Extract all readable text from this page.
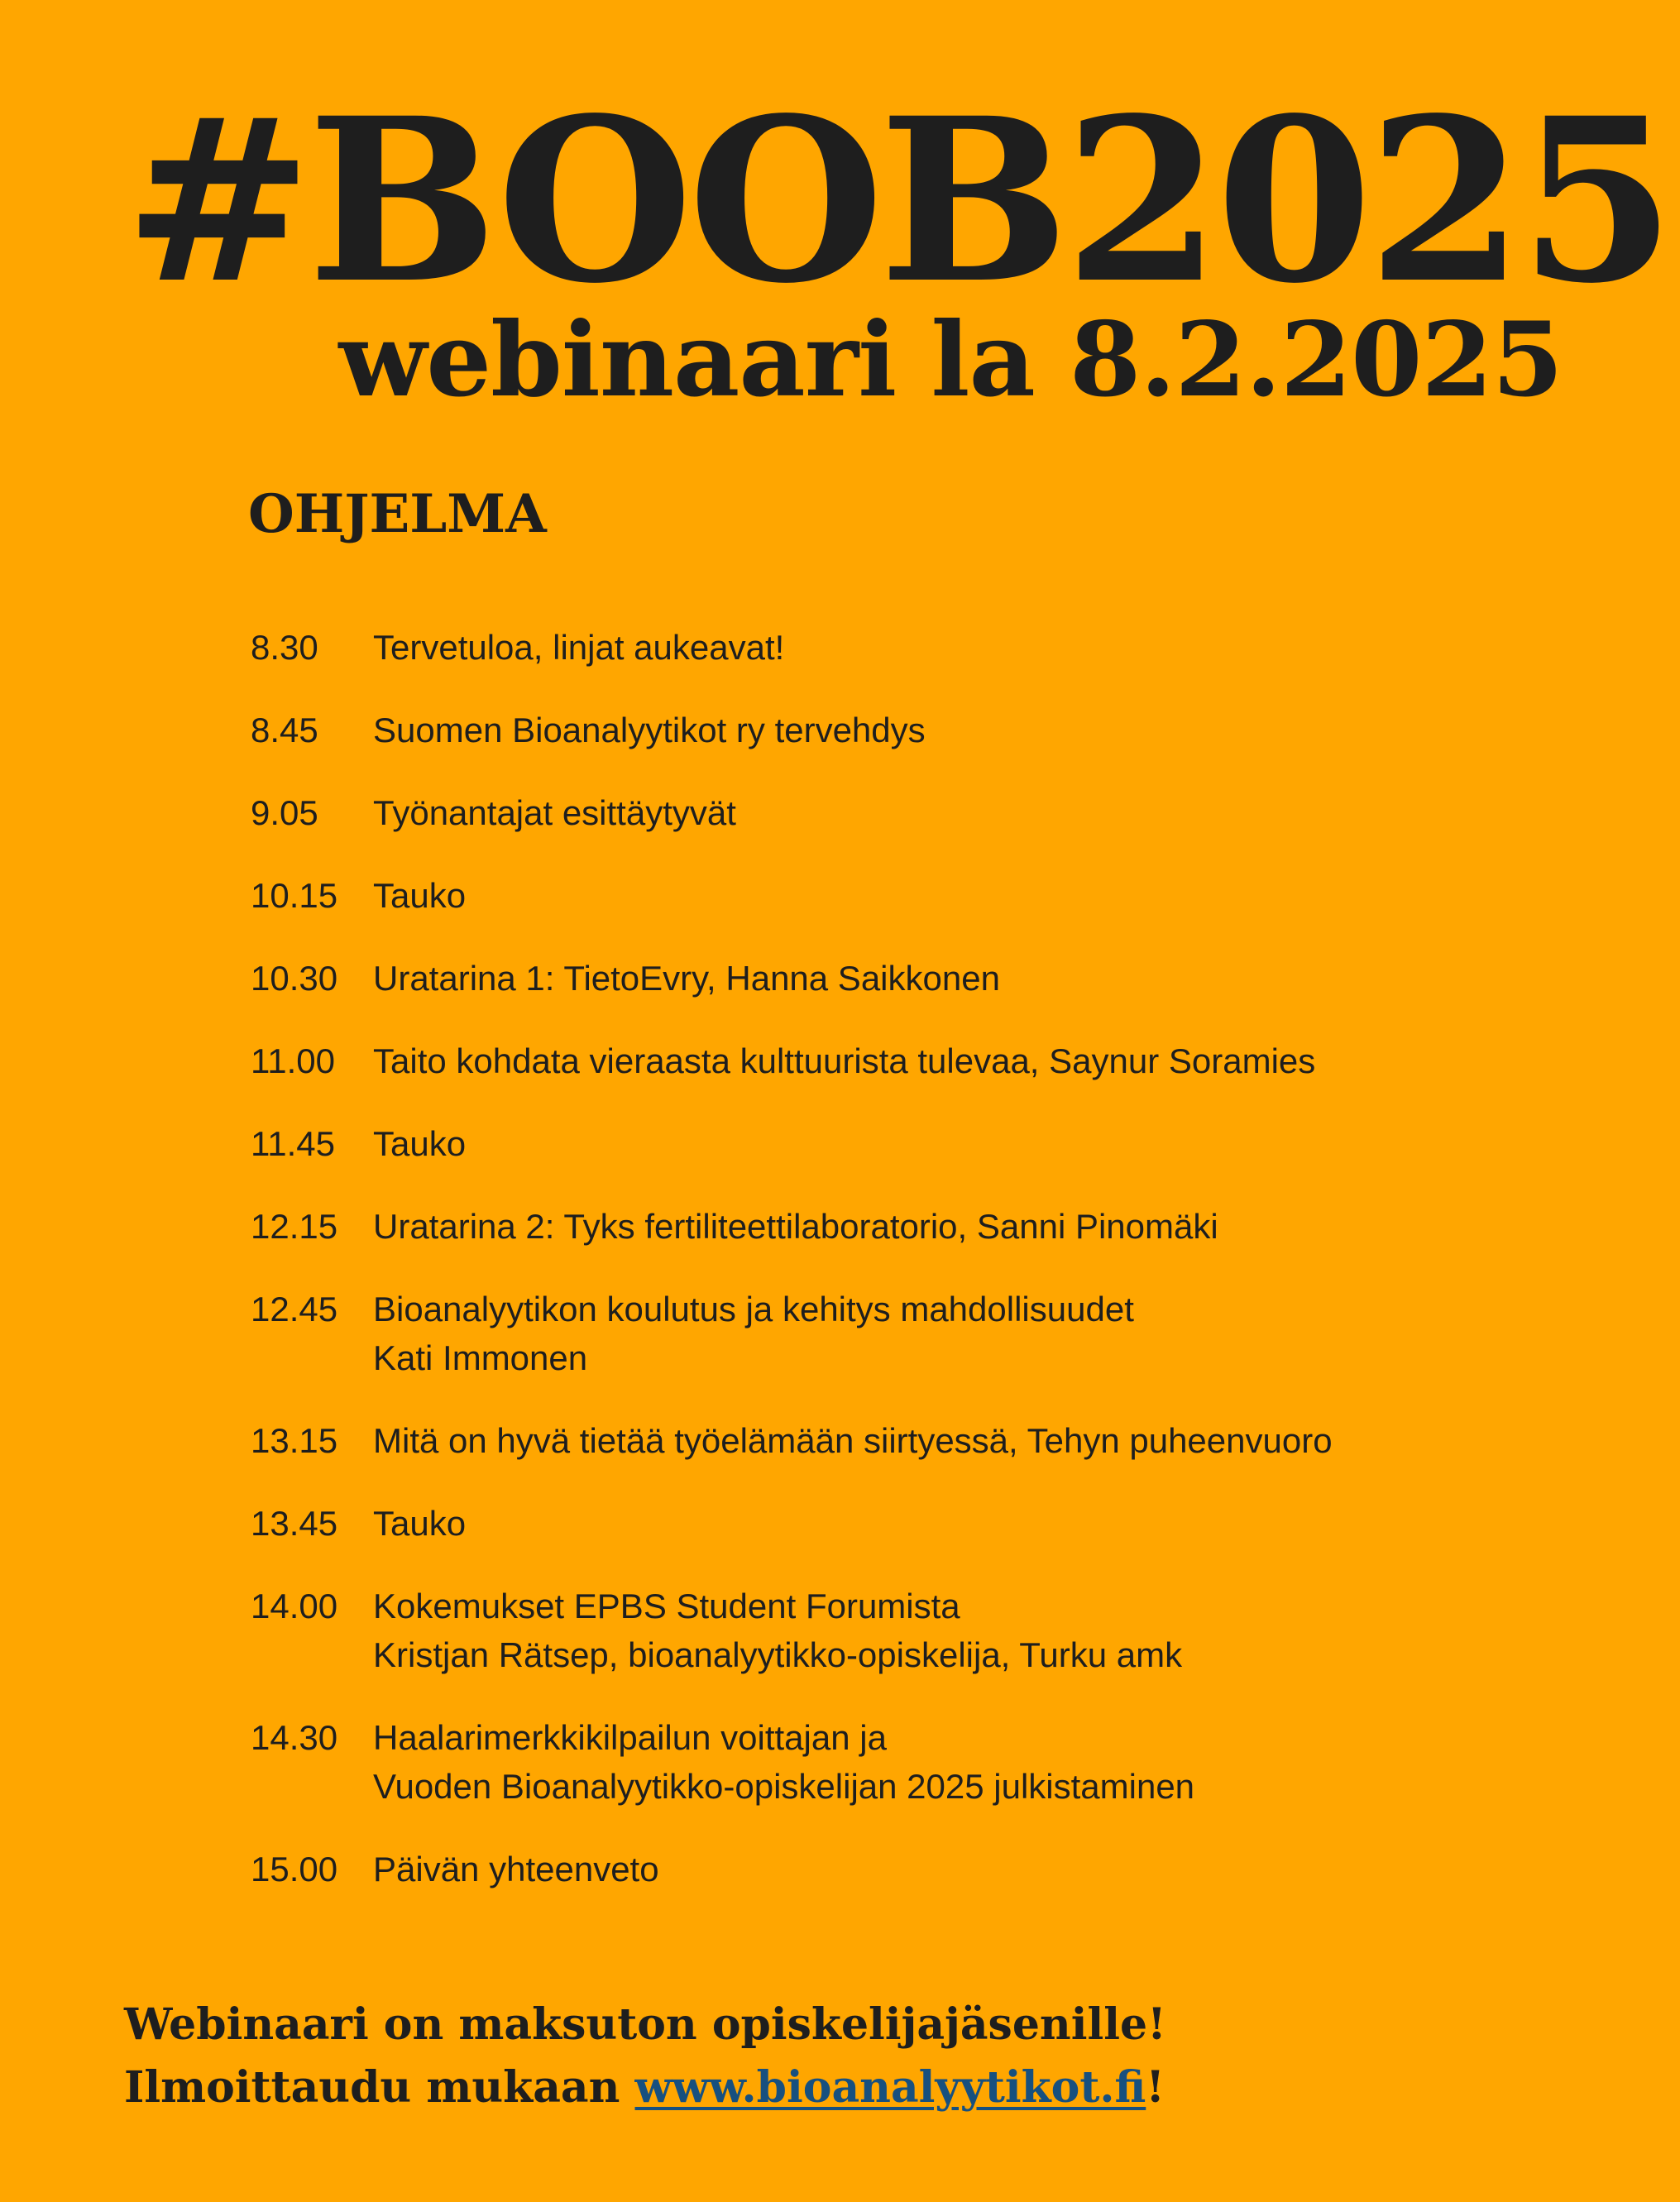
#BOOB2025
webinaari la 8.2.2025
OHJELMA
8.30	Tervetuloa, linjat aukeavat!
8.45	Suomen Bioanalyytikot ry tervehdys
9.05	Työnantajat esittäytyvät
10.15	Tauko
10.30	Uratarina 1: TietoEvry, Hanna Saikkonen
11.00	Taito kohdata vieraasta kulttuurista tulevaa, Saynur Soramies
11.45	Tauko
12.15	Uratarina 2: Tyks fertiliteettilaboratorio, Sanni Pinomäki
12.45	Bioanalyytikon koulutus ja kehitys mahdollisuudet
Kati Immonen
13.15	Mitä on hyvä tietää työelämään siirtyessä, Tehyn puheenvuoro
13.45	Tauko
14.00	Kokemukset EPBS Student Forumista
Kristjan Rätsep, bioanalyytikko-opiskelija, Turku amk
14.30	Haalarimerkkikilpailun voittajan ja
Vuoden Bioanalyytikko-opiskelijan 2025 julkistaminen
15.00	Päivän yhteenveto

Webinaari on maksuton opiskelijajäsenille!

Ilmoittaudu mukaan www.bioanalyytikot.fi!
